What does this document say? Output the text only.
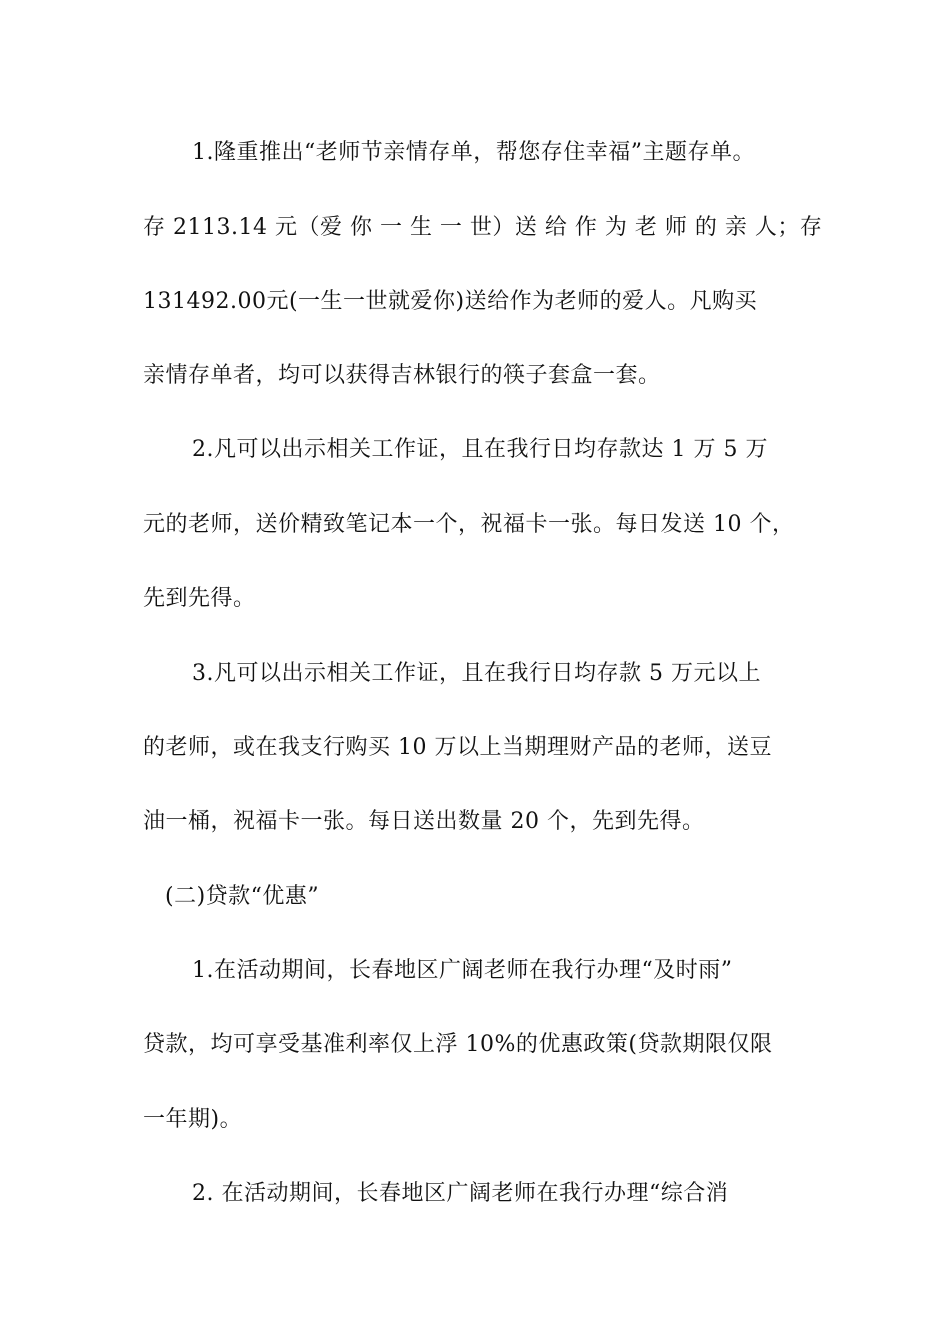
1.隆重推出“老师节亲情存单，帮您存住幸福”主题存单。
存 2113.14 元（爱 你 一 生 一 世）送 给 作 为 老 师 的 亲 人；存
131492.00元(一生一世就爱你)送给作为老师的爱人。凡购买
亲情存单者，均可以获得吉林银行的筷子套盒一套。
2.凡可以出示相关工作证，且在我行日均存款达 1 万 5 万
元的老师，送价精致笔记本一个，祝福卡一张。每日发送 10 个，
先到先得。
3.凡可以出示相关工作证，且在我行日均存款 5 万元以上
的老师，或在我支行购买 10 万以上当期理财产品的老师，送豆
油一桶，祝福卡一张。每日送出数量 20 个，先到先得。
(二)贷款“优惠”
1.在活动期间，长春地区广阔老师在我行办理“及时雨”
贷款，均可享受基准利率仅上浮 10%的优惠政策(贷款期限仅限
一年期)。
2. 在活动期间，长春地区广阔老师在我行办理“综合消
